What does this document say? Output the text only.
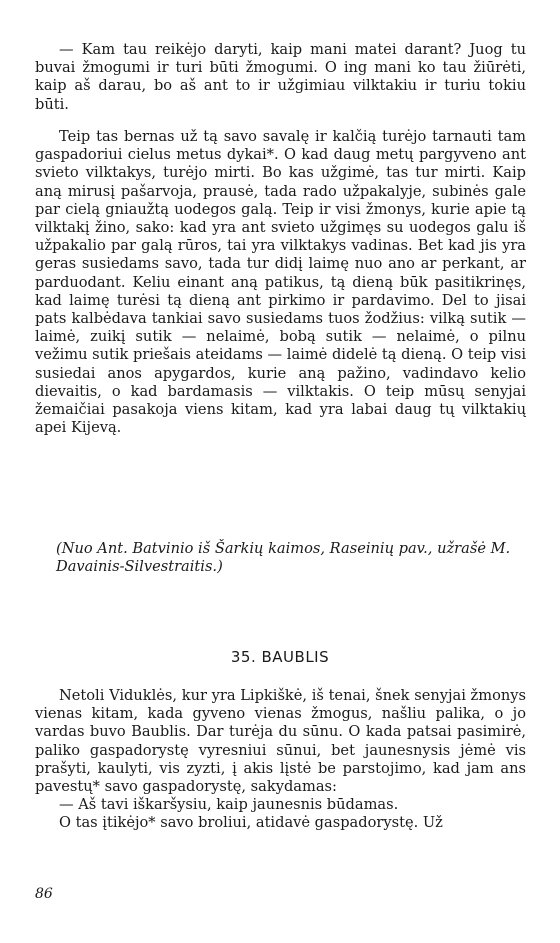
— Kam tau reikėjo daryti, kaip mani matei darant? Juog tu buvai žmogumi ir turi būti žmogumi. O ing mani ko tau žiūrėti, kaip aš darau, bo aš ant to ir užgimiau vilktakiu ir turiu tokiu būti.

Teip tas bernas už tą savo savalę ir kalčią turėjo tarnauti tam gaspadoriui cielus metus dykai*. O kad daug metų pargyveno ant svieto vilktakys, turėjo mirti. Bo kas užgimė, tas tur mirti. Kaip aną mirusį pašarvoja, prausė, tada rado užpakalyje, subinės gale par cielą gniaužtą uodegos galą. Teip ir visi žmonys, kurie apie tą vilktakį žino, sako: kad yra ant svieto užgimęs su uodegos galu iš užpakalio par galą rūros, tai yra vilktakys vadinas. Bet kad jis yra geras susiedams savo, tada tur didį laimę nuo ano ar perkant, ar parduodant. Keliu einant aną patikus, tą dieną būk pasitikrinęs, kad laimę turėsi tą dieną ant pirkimo ir pardavimo. Del to jisai pats kalbėdava tankiai savo susiedams tuos žodžius: vilką sutik — laimė, zuikį sutik — nelaimė, bobą sutik — nelaimė, o pilnu vežimu sutik priešais ateidams — laimė didelė tą dieną. O teip visi susiedai anos apygardos, kurie aną pažino, vadindavo kelio dievaitis, o kad bardamasis — vilktakis. O teip mūsų senyjai žemaičiai pasakoja viens kitam, kad yra labai daug tų vilktakių apei Kijevą.

(Nuo Ant. Batvinio iš Šarkių kaimos, Raseinių pav., užrašė M. Davainis-Silvestraitis.)
35. BAUBLIS

Netoli Viduklės, kur yra Lipkiškė, iš tenai, šnek senyjai žmonys vienas kitam, kada gyveno vienas žmogus, našliu palika, o jo vardas buvo Baublis. Dar turėja du sūnu. O kada patsai pasimirė, paliko gaspadorystę vyresniui sūnui, bet jaunesnysis jėmė vis prašyti, kaulyti, vis zyzti, į akis lįstė be parstojimo, kad jam ans pavestų* savo gaspadorystę, sakydamas:

— Aš tavi iškaršysiu, kaip jaunesnis būdamas.

O tas įtikėjo* savo broliui, atidavė gaspadorystę. Už

86
